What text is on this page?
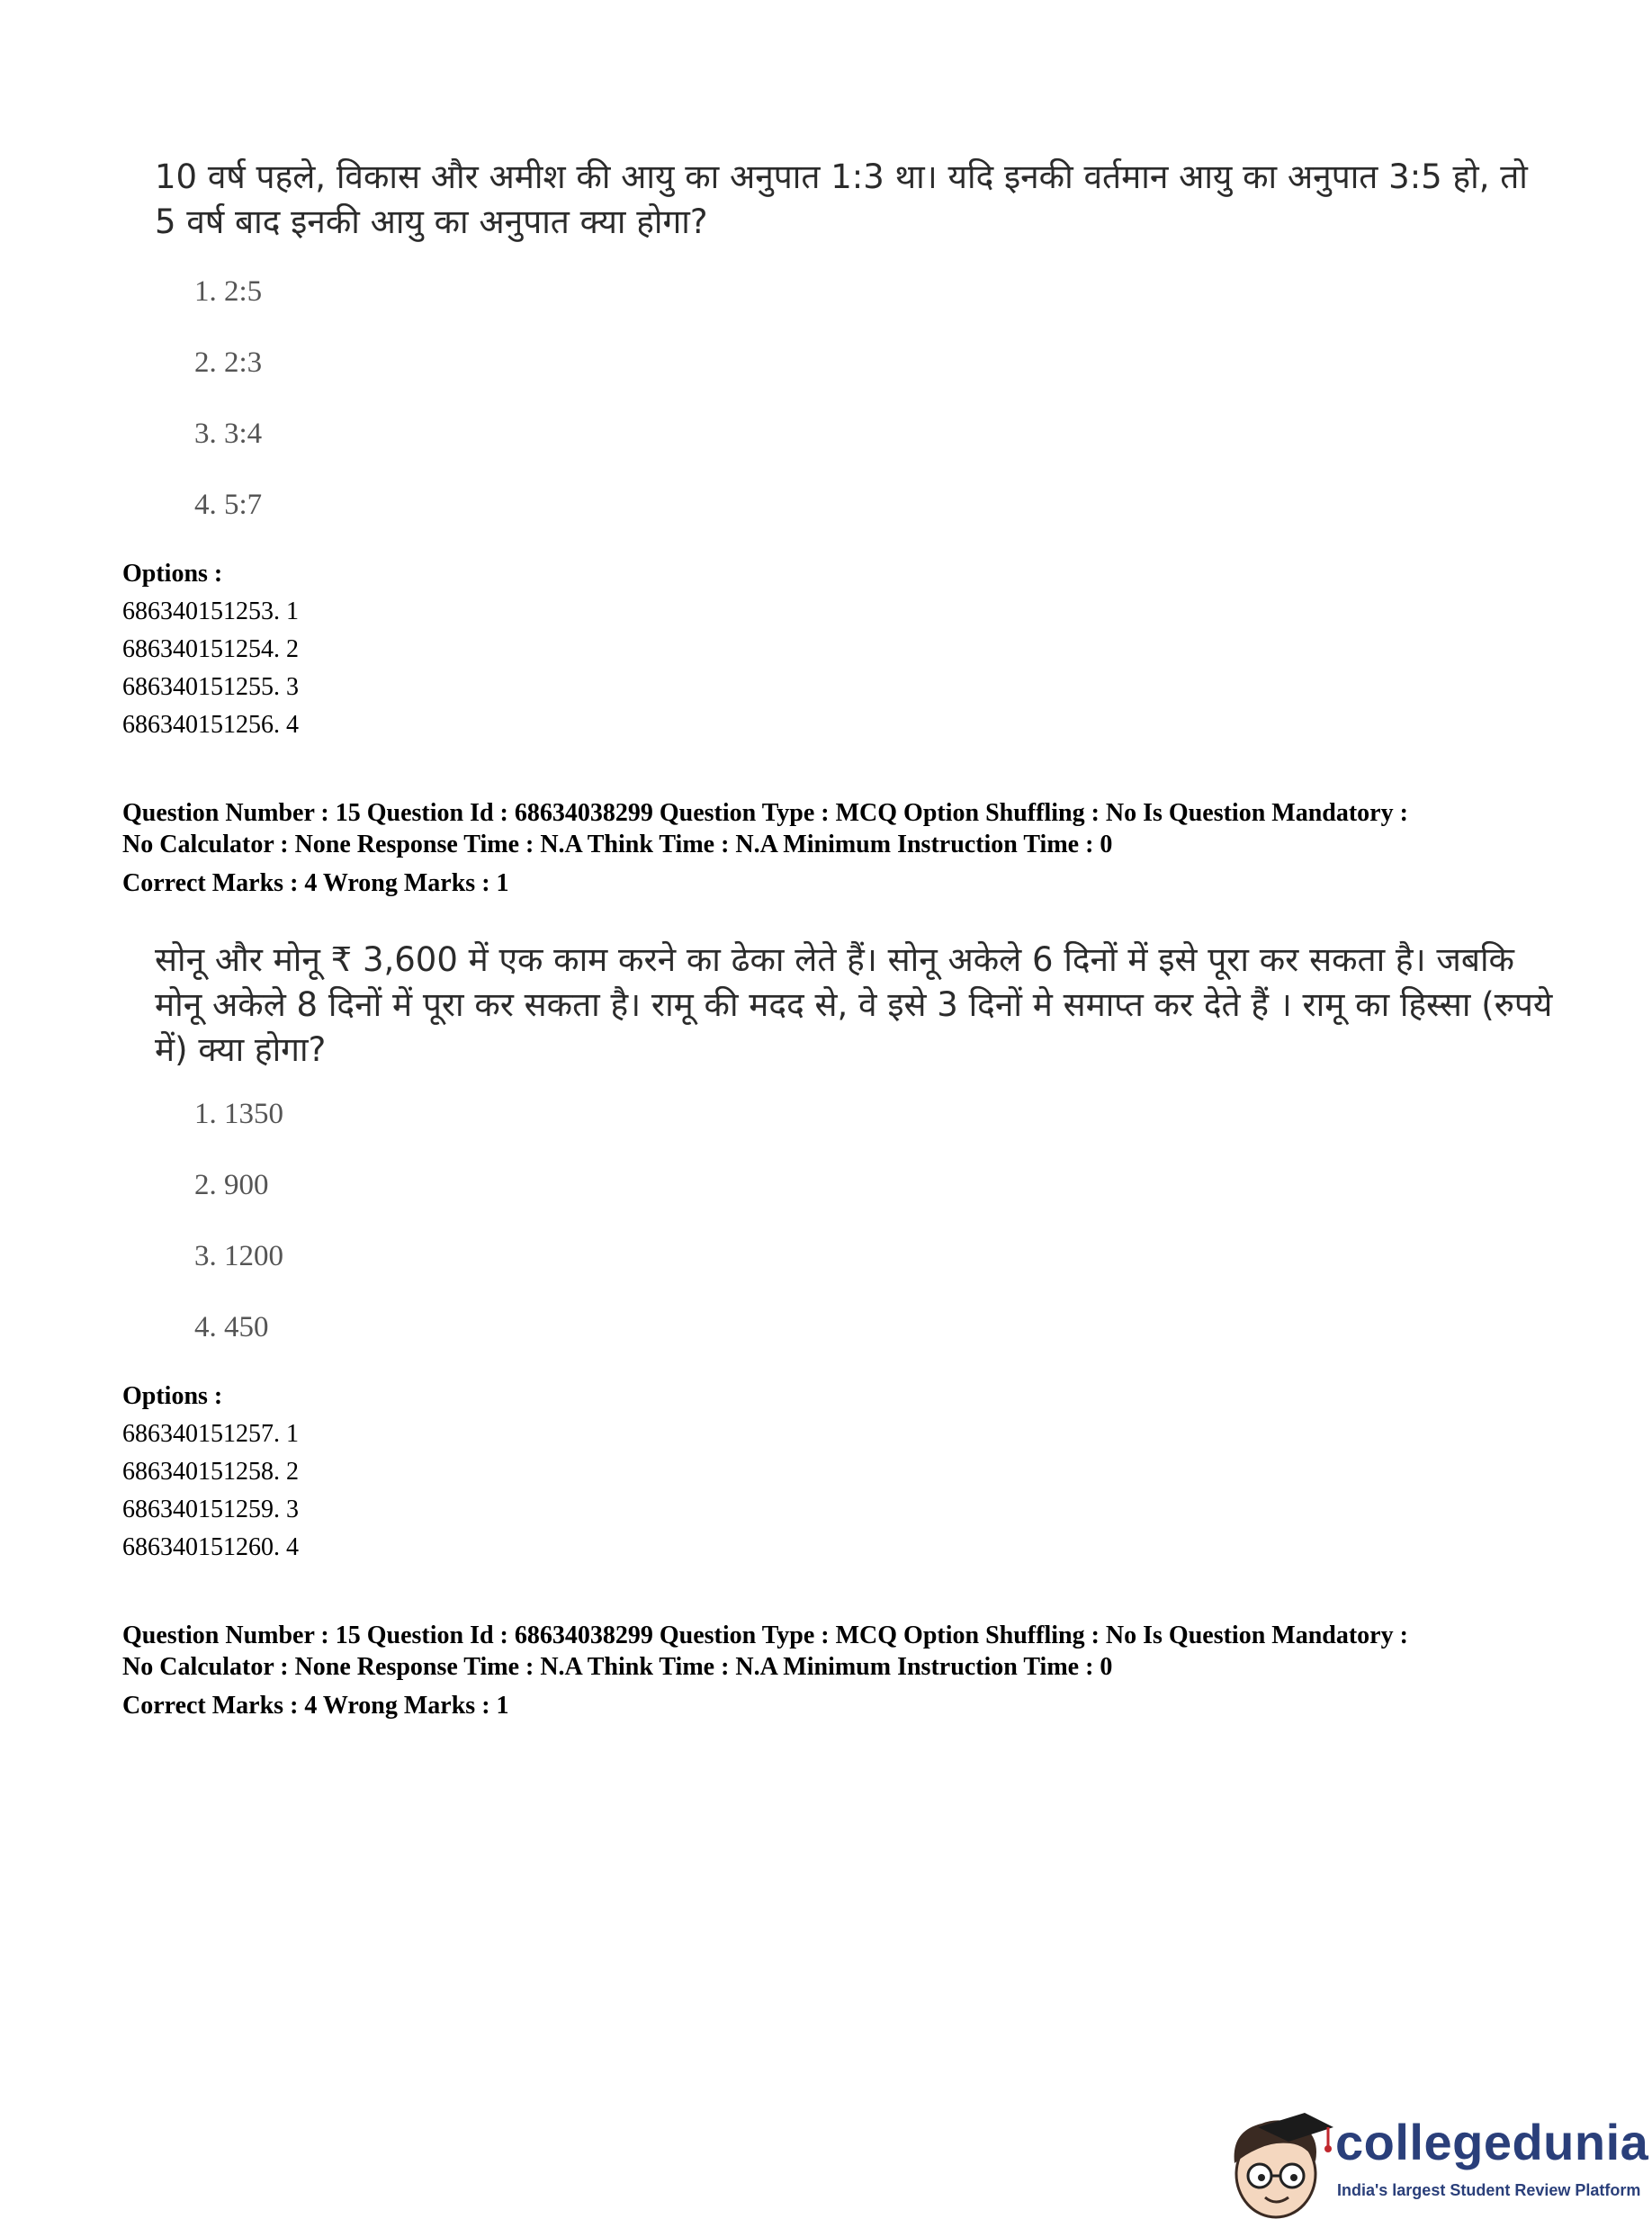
10 वर्ष पहले, विकास और अमीश की आयु का अनुपात 1:3 था। यदि इनकी वर्तमान आयु का अनुपात 3:5 हो, तो 5 वर्ष बाद इनकी आयु का अनुपात क्या होगा?
1. 2:5
2. 2:3
3. 3:4
4. 5:7
Options :
686340151253. 1
686340151254. 2
686340151255. 3
686340151256. 4
Question Number : 15 Question Id : 68634038299 Question Type : MCQ Option Shuffling : No Is Question Mandatory :
No Calculator : None Response Time : N.A Think Time : N.A Minimum Instruction Time : 0
Correct Marks : 4 Wrong Marks : 1
सोनू और मोनू ₹ 3,600 में एक काम करने का ढेका लेते हैं। सोनू अकेले 6 दिनों में इसे पूरा कर सकता है। जबकि मोनू अकेले 8 दिनों में पूरा कर सकता है। रामू की मदद से, वे इसे 3 दिनों मे समाप्त कर देते हैं । रामू का हिस्सा (रुपये में) क्या होगा?
1. 1350
2. 900
3. 1200
4. 450
Options :
686340151257. 1
686340151258. 2
686340151259. 3
686340151260. 4
Question Number : 15 Question Id : 68634038299 Question Type : MCQ Option Shuffling : No Is Question Mandatory :
No Calculator : None Response Time : N.A Think Time : N.A Minimum Instruction Time : 0
Correct Marks : 4 Wrong Marks : 1
collegedunia
India's largest Student Review Platform
